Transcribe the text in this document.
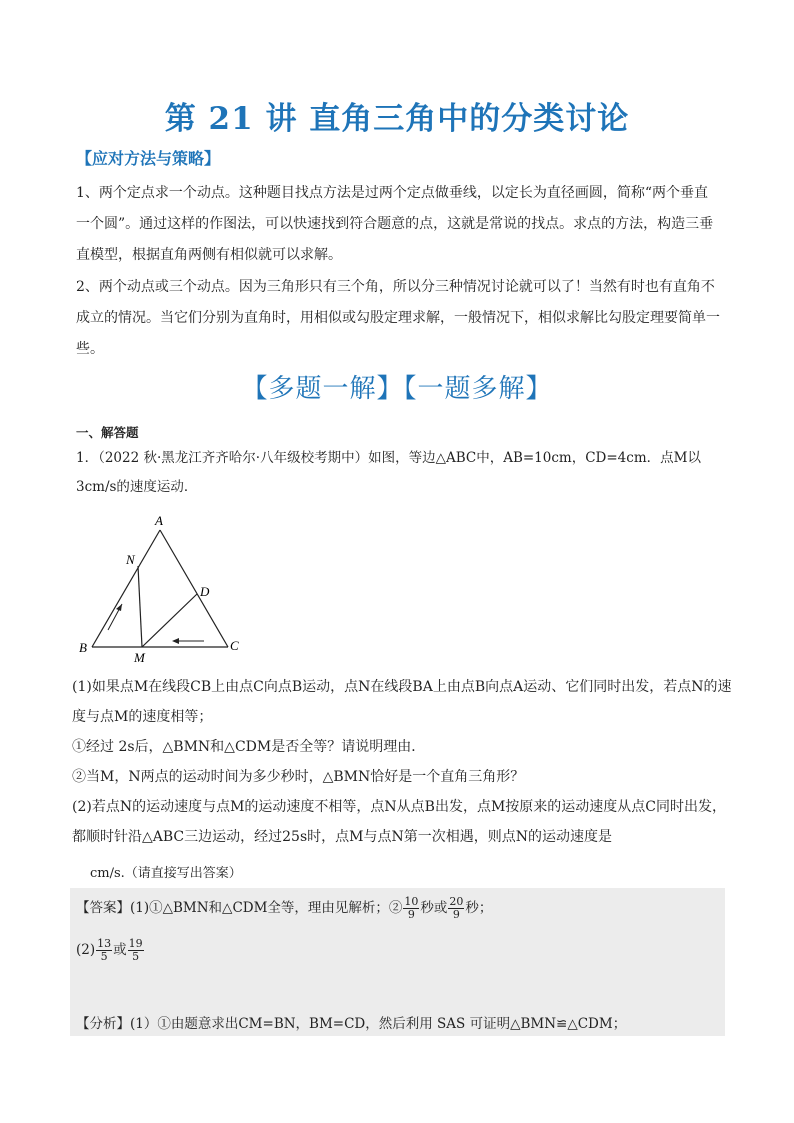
第 21 讲 直角三角中的分类讨论
【应对方法与策略】
1、两个定点求一个动点。这种题目找点方法是过两个定点做垂线，以定长为直径画圆，简称“两个垂直一个圆”。通过这样的作图法，可以快速找到符合题意的点，这就是常说的找点。求点的方法，构造三垂直模型，根据直角两侧有相似就可以求解。
2、两个动点或三个动点。因为三角形只有三个角，所以分三种情况讨论就可以了！当然有时也有直角不成立的情况。当它们分别为直角时，用相似或勾股定理求解，一般情况下，相似求解比勾股定理要简单一些。
【多题一解】【一题多解】
一、解答题
1．（2022 秋·黑龙江齐齐哈尔·八年级校考期中）如图，等边△ABC中，AB=10cm，CD=4cm．点M以3cm/s的速度运动．
A
B	C
D
M
N
(1)如果点M在线段CB上由点C向点B运动，点N在线段BA上由点B向点A运动、它们同时出发，若点N的速度与点M的速度相等；
①经过 2s后，△BMN和△CDM是否全等？请说明理由．
②当M，N两点的运动时间为多少秒时，△BMN恰好是一个直角三角形？
(2)若点N的运动速度与点M的运动速度不相等，点N从点B出发，点M按原来的运动速度从点C同时出发，都顺时针沿△ABC三边运动，经过25s时，点M与点N第一次相遇，则点N的运动速度是
cm/s.（请直接写出答案）
【答案】(1)①△BMN和△CDM全等，理由见解析；② $\frac{10}{9}$ 秒或 $\frac{20}{9}$ 秒；
$(2) \frac{13}{5}$ 或 $\frac{19}{5}$
【分析】(1）①由题意求出CM=BN，BM=CD，然后利用 SAS 可证明△BMN≌△CDM；
